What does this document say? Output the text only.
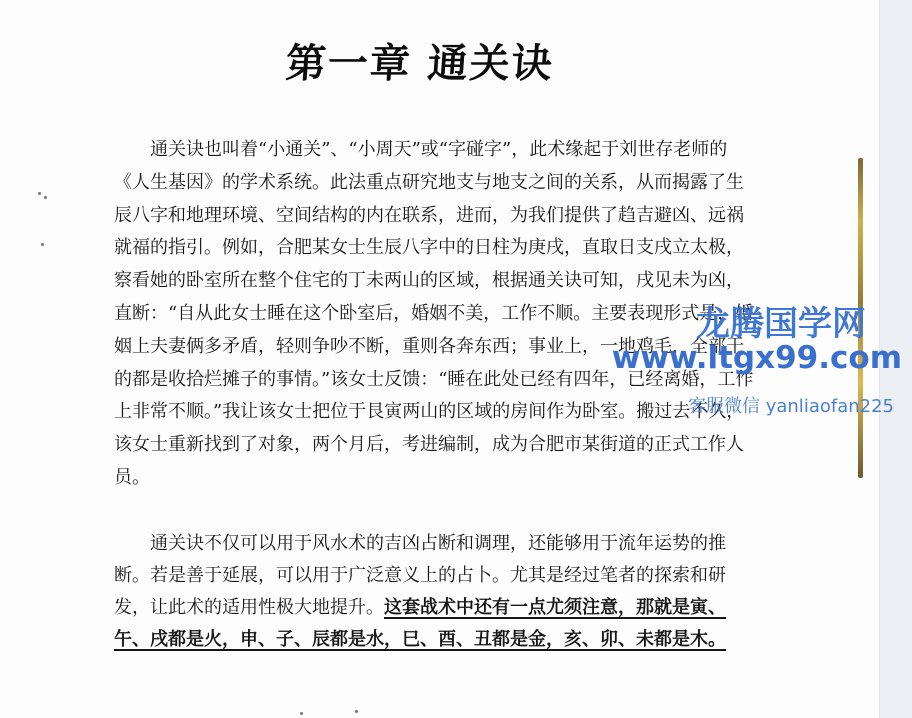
第一章 通关诀

通关诀也叫着“小通关”、“小周天”或“字碰字”，此术缘起于刘世存老师的《人生基因》的学术系统。此法重点研究地支与地支之间的关系，从而揭露了生辰八字和地理环境、空间结构的内在联系，进而，为我们提供了趋吉避凶、远祸就福的指引。例如，合肥某女士生辰八字中的日柱为庚戌，直取日支戌立太极，察看她的卧室所在整个住宅的丁未两山的区域，根据通关诀可知，戌见未为凶，直断：“自从此女士睡在这个卧室后，婚姻不美，工作不顺。主要表现形式是，婚姻上夫妻俩多矛盾，轻则争吵不断，重则各奔东西；事业上，一地鸡毛，全部干的都是收拾烂摊子的事情。”该女士反馈：“睡在此处已经有四年，已经离婚，工作上非常不顺。”我让该女士把位于艮寅两山的区域的房间作为卧室。搬过去不久，该女士重新找到了对象，两个月后，考进编制，成为合肥市某街道的正式工作人员。

通关诀不仅可以用于风水术的吉凶占断和调理，还能够用于流年运势的推断。若是善于延展，可以用于广泛意义上的占卜。尤其是经过笔者的探索和研发，让此术的适用性极大地提升。这套战术中还有一点尤须注意，那就是寅、午、戌都是火，申、子、辰都是水，巳、酉、丑都是金，亥、卯、未都是木。

龙腾国学网

www.ltgx99.com

客服微信 yanliaofan225
